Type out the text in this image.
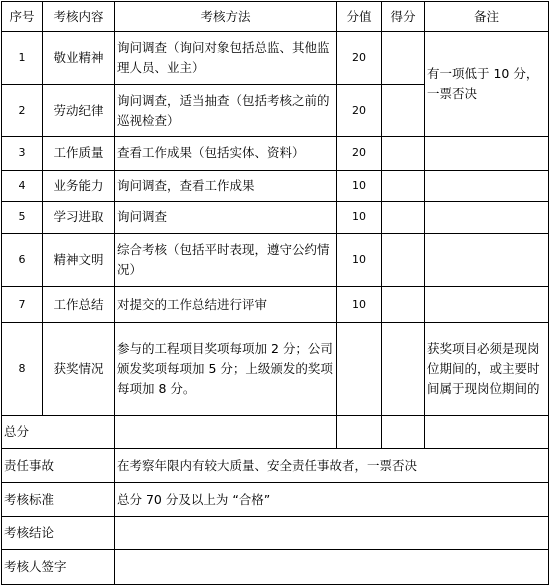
序号	考核内容	考核方法	分值	得分	备注
1	敬业精神	询问调查（询问对象包括总监、其他监理人员、业主）	20		有一项低于 10 分，一票否决
2	劳动纪律	询问调查，适当抽查（包括考核之前的巡视检查）	20		
3	工作质量	查看工作成果（包括实体、资料）	20		
4	业务能力	询问调查，查看工作成果	10		
5	学习进取	询问调查	10		
6	精神文明	综合考核（包括平时表现，遵守公约情况）	10		
7	工作总结	对提交的工作总结进行评审	10		
8	获奖情况	参与的工程项目奖项每项加 2 分；公司颁发奖项每项加 5 分；上级颁发的奖项每项加 8 分。			获奖项目必须是现岗位期间的，或主要时间属于现岗位期间的
总分					
责任事故		在考察年限内有较大质量、安全责任事故者，一票否决			
考核标准		总分 70 分及以上为 “合格”			
考核结论					
考核人签字					
